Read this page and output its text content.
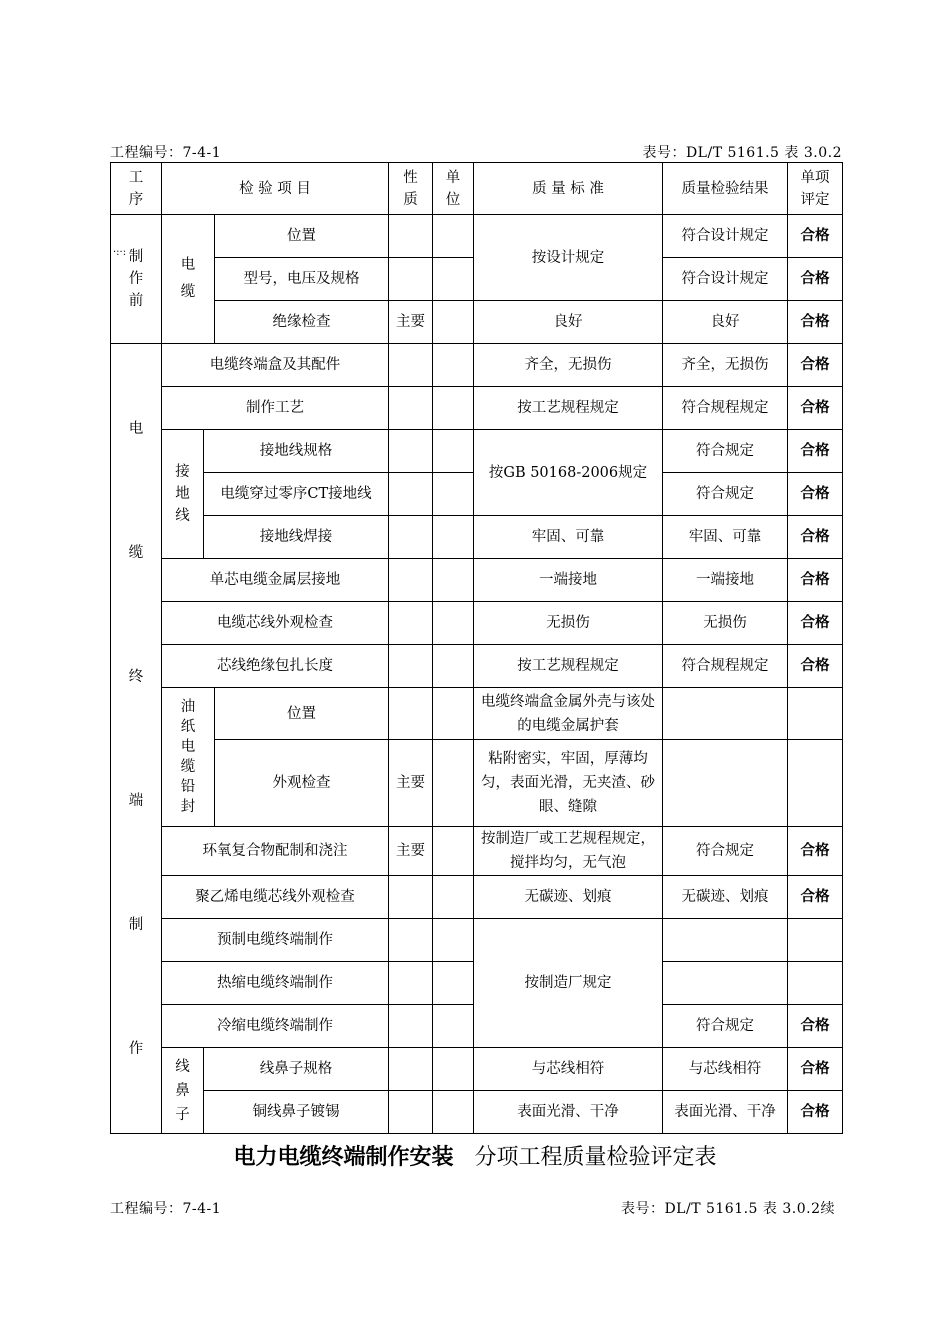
工程编号：7-4-1	表号：DL/T 5161.5 表 3.0.2
工序	检 验 项 目			性质	单位	质 量 标 准	质量检验结果	单项评定

·:·: 制作前	电缆		位置			按设计规定	符合设计规定	合格
			型号，电压及规格				符合设计规定	合格
			绝缘检查	主要		良好	良好	合格

电缆终端制作	电缆终端盒及其配件					齐全，无损伤	齐全，无损伤	合格
	制作工艺					按工艺规程规定	符合规程规定	合格

	接地线	接地线规格				按GB 50168-2006规定	符合规定	合格
		电缆穿过零序CT接地线					符合规定	合格
		接地线焊接				牢固、可靠	牢固、可靠	合格
	单芯电缆金属层接地					一端接地	一端接地	合格
	电缆芯线外观检查					无损伤	无损伤	合格
	芯线绝缘包扎长度					按工艺规程规定	符合规程规定	合格

	油纸电缆铅封		位置			电缆终端盒金属外壳与该处的电缆金属护套		
			外观检查	主要		粘附密实，牢固，厚薄均匀，表面光滑，无夹渣、砂眼、缝隙		
	环氧复合物配制和浇注			主要		按制造厂或工艺规程规定，搅拌均匀，无气泡	符合规定	合格
	聚乙烯电缆芯线外观检查					无碳迹、划痕	无碳迹、划痕	合格
	预制电缆终端制作					按制造厂规定		
	热缩电缆终端制作							
	冷缩电缆终端制作						符合规定	合格

	线鼻子	线鼻子规格				与芯线相符	与芯线相符	合格
		铜线鼻子镀锡				表面光滑、干净	表面光滑、干净	合格
电力电缆终端制作安装 分项工程质量检验评定表
工程编号：7-4-1	表号：DL/T 5161.5 表 3.0.2续
